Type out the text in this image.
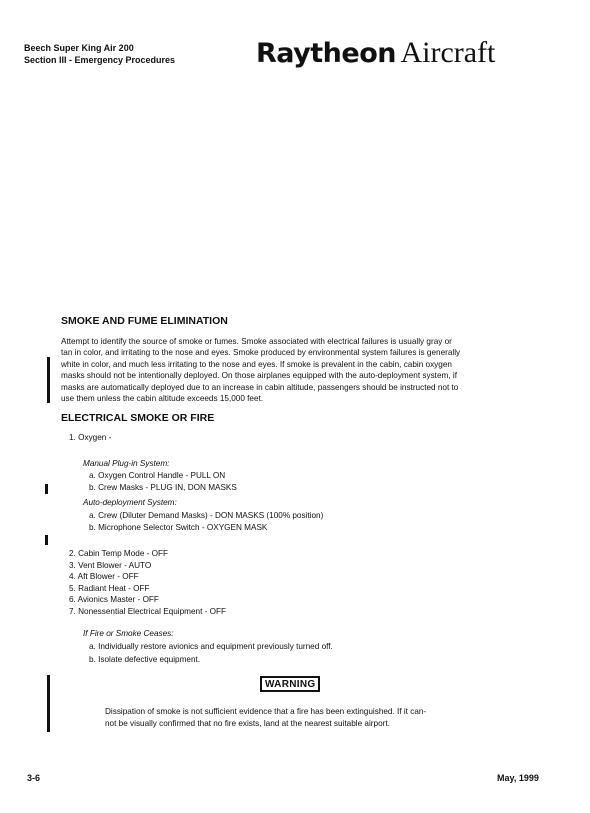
Beech Super King Air 200
Section III - Emergency Procedures	Raytheon Aircraft
SMOKE AND FUME ELIMINATION
Attempt to identify the source of smoke or fumes. Smoke associated with electrical failures is usually gray or
tan in color, and irritating to the nose and eyes. Smoke produced by environmental system failures is generally
white in color, and much less irritating to the nose and eyes. If smoke is prevalent in the cabin, cabin oxygen
masks should not be intentionally deployed. On those airplanes equipped with the auto-deployment system, if
masks are automatically deployed due to an increase in cabin altitude, passengers should be instructed not to
use them unless the cabin altitude exceeds 15,000 feet.
ELECTRICAL SMOKE OR FIRE
1. Oxygen -
Manual Plug-in System:
a. Oxygen Control Handle - PULL ON
b. Crew Masks - PLUG IN, DON MASKS
Auto-deployment System:
a. Crew (Diluter Demand Masks) - DON MASKS (100% position)
b. Microphone Selector Switch - OXYGEN MASK
2. Cabin Temp Mode - OFF
3. Vent Blower - AUTO
4. Aft Blower - OFF
5. Radiant Heat - OFF
6. Avionics Master - OFF
7. Nonessential Electrical Equipment - OFF
If Fire or Smoke Ceases:
a. Individually restore avionics and equipment previously turned off.
b. Isolate defective equipment.
WARNING
Dissipation of smoke is not sufficient evidence that a fire has been extinguished. If it can-
not be visually confirmed that no fire exists, land at the nearest suitable airport.
3-6	May, 1999
